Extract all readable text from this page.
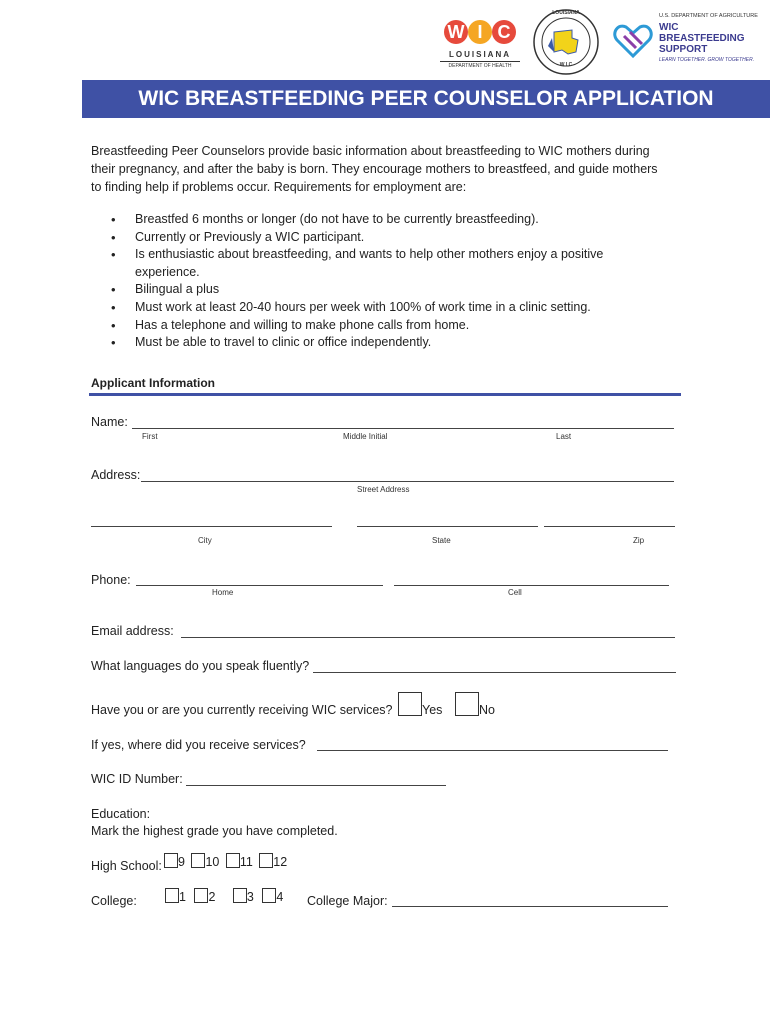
W I C
LOUISIANA
DEPARTMENT OF HEALTH
LOUISIANA
W I C
U.S. DEPARTMENT OF AGRICULTURE
WIC
BREASTFEEDING
SUPPORT
LEARN TOGETHER. GROW TOGETHER.
WIC BREASTFEEDING PEER COUNSELOR APPLICATION
Breastfeeding Peer Counselors provide basic information about breastfeeding to WIC mothers during
their pregnancy, and after the baby is born. They encourage mothers to breastfeed, and guide mothers
to finding help if problems occur. Requirements for employment are:
• Breastfed 6 months or longer (do not have to be currently breastfeeding).
• Currently or Previously a WIC participant.
• Is enthusiastic about breastfeeding, and wants to help other mothers enjoy a positive experience.
• Bilingual a plus
• Must work at least 20-40 hours per week with 100% of work time in a clinic setting.
• Has a telephone and willing to make phone calls from home.
• Must be able to travel to clinic or office independently.
Applicant Information
Name:
First	Middle Initial	Last
Address:
Street Address
City	State	Zip
Phone:
Home	Cell
Email address:
What languages do you speak fluently?
Have you or are you currently receiving WIC services? Yes	No
If yes, where did you receive services?
WIC ID Number:
Education:
Mark the highest grade you have completed.
High School:	9 10 11 12
College:	1 2	3 4 College Major:
